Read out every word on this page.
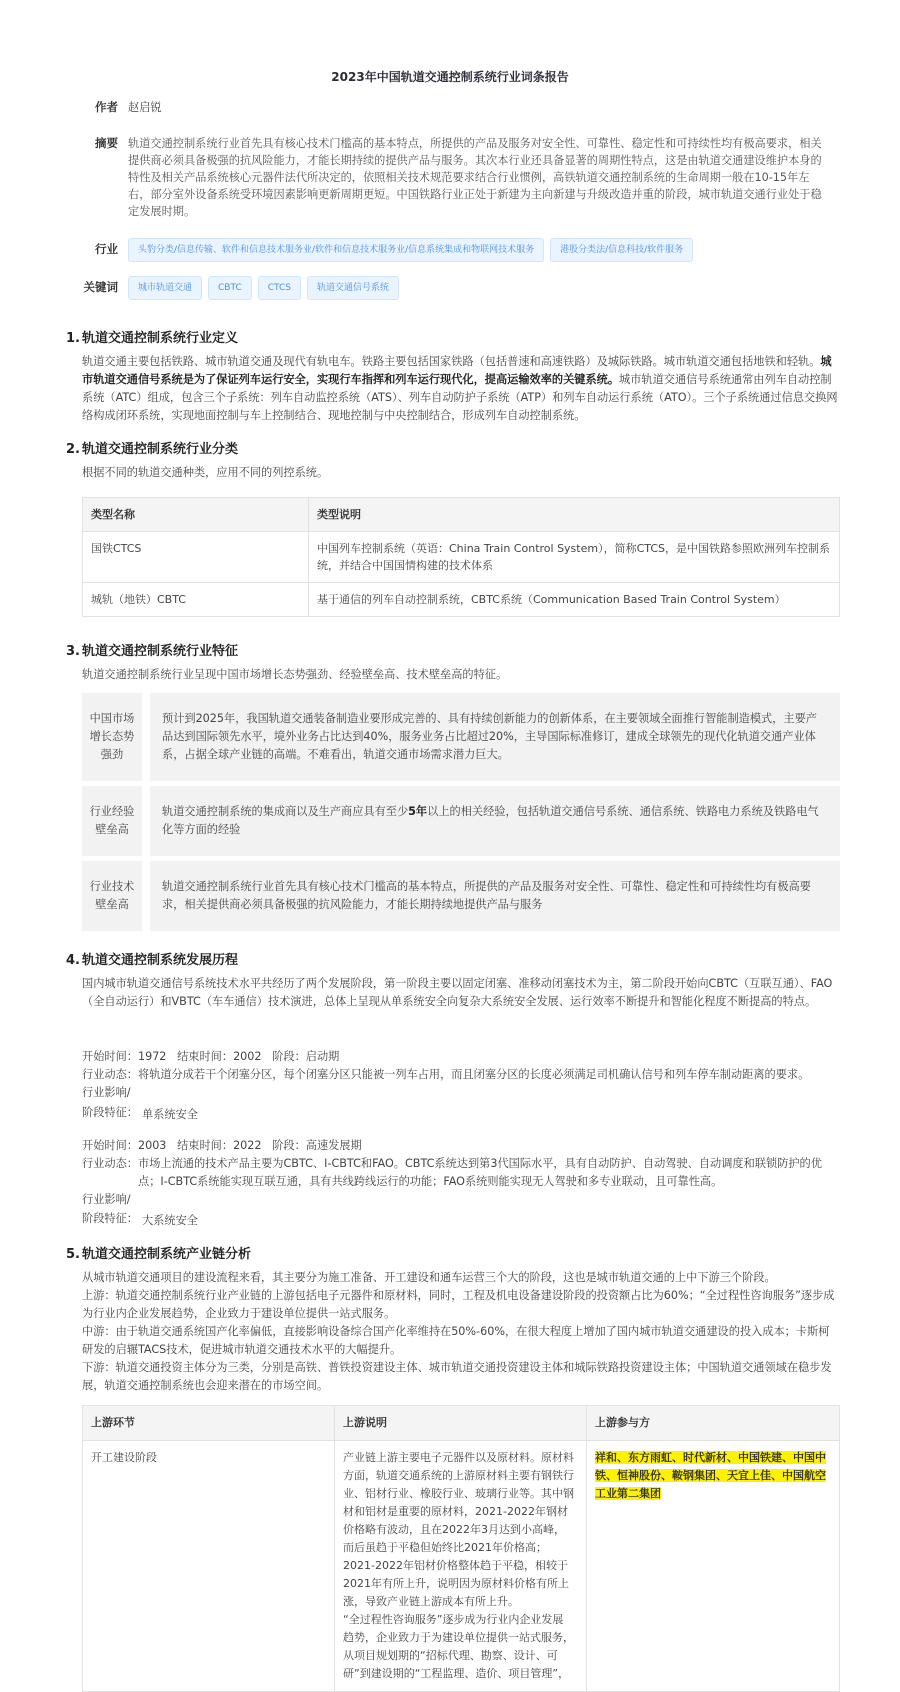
2023年中国轨道交通控制系统行业词条报告
作者 赵启锐
摘要 轨道交通控制系统行业首先具有核心技术门槛高的基本特点，所提供的产品及服务对安全性、可靠性、稳定性和可持续性均有极高要求，相关提供商必须具备极强的抗风险能力，才能长期持续的提供产品与服务。其次本行业还具备显著的周期性特点，这是由轨道交通建设维护本身的特性及相关产品系统核心元器件法代所决定的，依照相关技术规范要求结合行业惯例，高铁轨道交通控制系统的生命周期一般在10-15年左右，部分室外设备系统受环境因素影响更新周期更短。中国铁路行业正处于新建为主向新建与升级改造并重的阶段，城市轨道交通行业处于稳定发展时期。
行业	头豹分类/信息传输、软件和信息技术服务业/软件和信息技术服务业/信息系统集成和物联网技术服务	港股分类法/信息科技/软件服务
关键词	城市轨道交通	CBTC	CTCS	轨道交通信号系统
1. 轨道交通控制系统行业定义
轨道交通主要包括铁路、城市轨道交通及现代有轨电车。铁路主要包括国家铁路（包括普速和高速铁路）及城际铁路。城市轨道交通包括地铁和轻轨。城市轨道交通信号系统是为了保证列车运行安全，实现行车指挥和列车运行现代化，提高运输效率的关键系统。城市轨道交通信号系统通常由列车自动控制系统（ATC）组成，包含三个子系统：列车自动监控系统（ATS）、列车自动防护子系统（ATP）和列车自动运行系统（ATO）。三个子系统通过信息交换网络构成闭环系统，实现地面控制与车上控制结合、现地控制与中央控制结合，形成列车自动控制系统。
2. 轨道交通控制系统行业分类
根据不同的轨道交通种类，应用不同的列控系统。
类型名称	类型说明
国铁CTCS	中国列车控制系统（英语：China Train Control System），简称CTCS，是中国铁路参照欧洲列车控制系统，并结合中国国情构建的技术体系
城轨（地铁）CBTC	基于通信的列车自动控制系统，CBTC系统（Communication Based Train Control System）
3. 轨道交通控制系统行业特征
轨道交通控制系统行业呈现中国市场增长态势强劲、经验壁垒高、技术壁垒高的特征。
中国市场增长态势强劲
预计到2025年，我国轨道交通装备制造业要形成完善的、具有持续创新能力的创新体系，在主要领域全面推行智能制造模式，主要产品达到国际领先水平，境外业务占比达到40%，服务业务占比超过20%，主导国际标准修订，建成全球领先的现代化轨道交通产业体系，占据全球产业链的高端。不难看出，轨道交通市场需求潜力巨大。
行业经验壁垒高
轨道交通控制系统的集成商以及生产商应具有至少5年以上的相关经验，包括轨道交通信号系统、通信系统、铁路电力系统及铁路电气化等方面的经验
行业技术壁垒高
轨道交通控制系统行业首先具有核心技术门槛高的基本特点，所提供的产品及服务对安全性、可靠性、稳定性和可持续性均有极高要求，相关提供商必须具备极强的抗风险能力，才能长期持续地提供产品与服务
4. 轨道交通控制系统发展历程
国内城市轨道交通信号系统技术水平共经历了两个发展阶段，第一阶段主要以固定闭塞、准移动闭塞技术为主，第二阶段开始向CBTC（互联互通）、FAO（全自动运行）和VBTC（车车通信）技术演进，总体上呈现从单系统安全向复杂大系统安全发展、运行效率不断提升和智能化程度不断提高的特点。
开始时间：1972 结束时间：2002 阶段：启动期
行业动态： 将轨道分成若干个闭塞分区，每个闭塞分区只能被一列车占用，而且闭塞分区的长度必须满足司机确认信号和列车停车制动距离的要求。
行业影响/
阶段特征： 单系统安全
开始时间：2003 结束时间：2022 阶段：高速发展期
行业动态： 市场上流通的技术产品主要为CBTC、I-CBTC和FAO。CBTC系统达到第3代国际水平，具有自动防护、自动驾驶、自动调度和联锁防护的优点；I-CBTC系统能实现互联互通，具有共线跨线运行的功能；FAO系统则能实现无人驾驶和多专业联动，且可靠性高。
行业影响/
阶段特征： 大系统安全
5. 轨道交通控制系统产业链分析
从城市轨道交通项目的建设流程来看，其主要分为施工准备、开工建设和通车运营三个大的阶段，这也是城市轨道交通的上中下游三个阶段。
上游：轨道交通控制系统行业产业链的上游包括电子元器件和原材料，同时，工程及机电设备建设阶段的投资额占比为60%；“全过程性咨询服务”逐步成为行业内企业发展趋势，企业致力于建设单位提供一站式服务。
中游：由于轨道交通系统国产化率偏低，直接影响设备综合国产化率维持在50%-60%，在很大程度上增加了国内城市轨道交通建设的投入成本；卡斯柯研发的启辗TACS技术，促进城市轨道交通技术水平的大幅提升。
下游：轨道交通投资主体分为三类，分别是高铁、普铁投资建设主体、城市轨道交通投资建设主体和城际铁路投资建设主体；中国轨道交通领域在稳步发展，轨道交通控制系统也会迎来潜在的市场空间。
上游环节	上游说明	上游参与方
开工建设阶段	产业链上游主要电子元器件以及原材料。原材料方面，轨道交通系统的上游原材料主要有钢铁行业、铝材行业、橡胶行业、玻璃行业等。其中钢材和铝材是重要的原材料，2021-2022年钢材价格略有波动，且在2022年3月达到小高峰，而后虽趋于平稳但始终比2021年价格高；2021-2022年铝材价格整体趋于平稳，相较于2021年有所上升，说明因为原材料价格有所上涨，导致产业链上游成本有所上升。
“全过程性咨询服务”逐步成为行业内企业发展趋势，企业致力于为建设单位提供一站式服务，从项目规划期的“招标代理、勘察、设计、可研”到建设期的“工程监理、造价、项目管理”，	祥和、东方雨虹、时代新材、中国铁建、中国中铁、恒神股份、鞍钢集团、天宜上佳、中国航空工业第二集团
